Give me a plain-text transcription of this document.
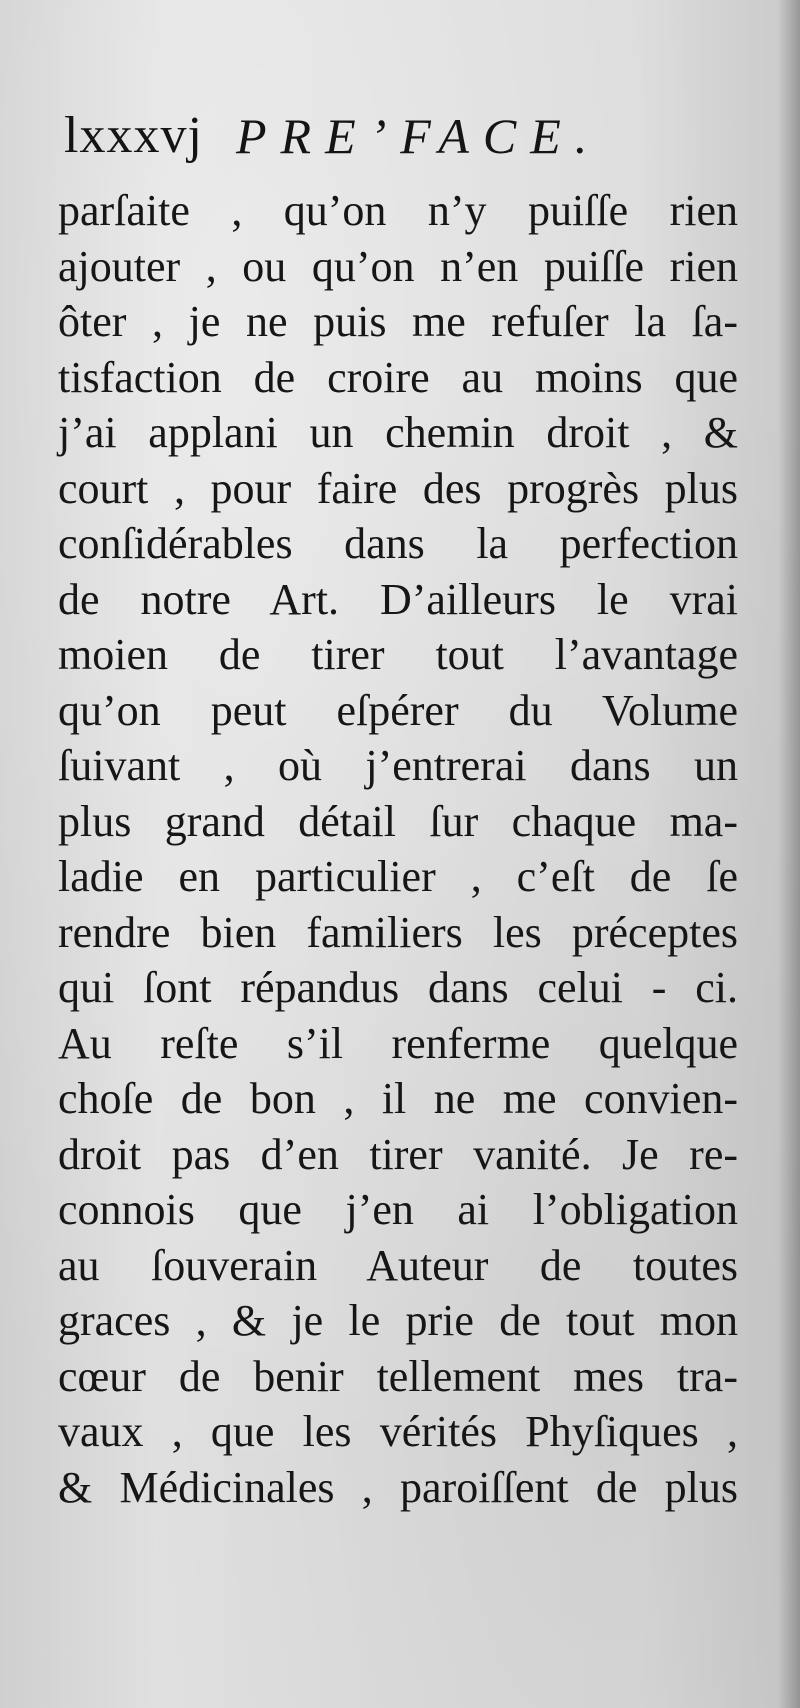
lxxxvj PRE’FACE.
parſaite , qu’on n’y puiſſe rien
ajouter , ou qu’on n’en puiſſe rien
ôter , je ne puis me refuſer la ſa-
tisfaction de croire au moins que
j’ai applani un chemin droit , &
court , pour faire des progrès plus
conſidérables dans la perfection
de notre Art. D’ailleurs le vrai
moien de tirer tout l’avantage
qu’on peut eſpérer du Volume
ſuivant , où j’entrerai dans un
plus grand détail ſur chaque ma-
ladie en particulier , c’eſt de ſe
rendre bien familiers les préceptes
qui ſont répandus dans celui - ci.
Au reſte s’il renferme quelque
choſe de bon , il ne me convien-
droit pas d’en tirer vanité. Je re-
connois que j’en ai l’obligation
au ſouverain Auteur de toutes
graces , & je le prie de tout mon
cœur de benir tellement mes tra-
vaux , que les vérités Phyſiques ,
& Médicinales , paroiſſent de plus
